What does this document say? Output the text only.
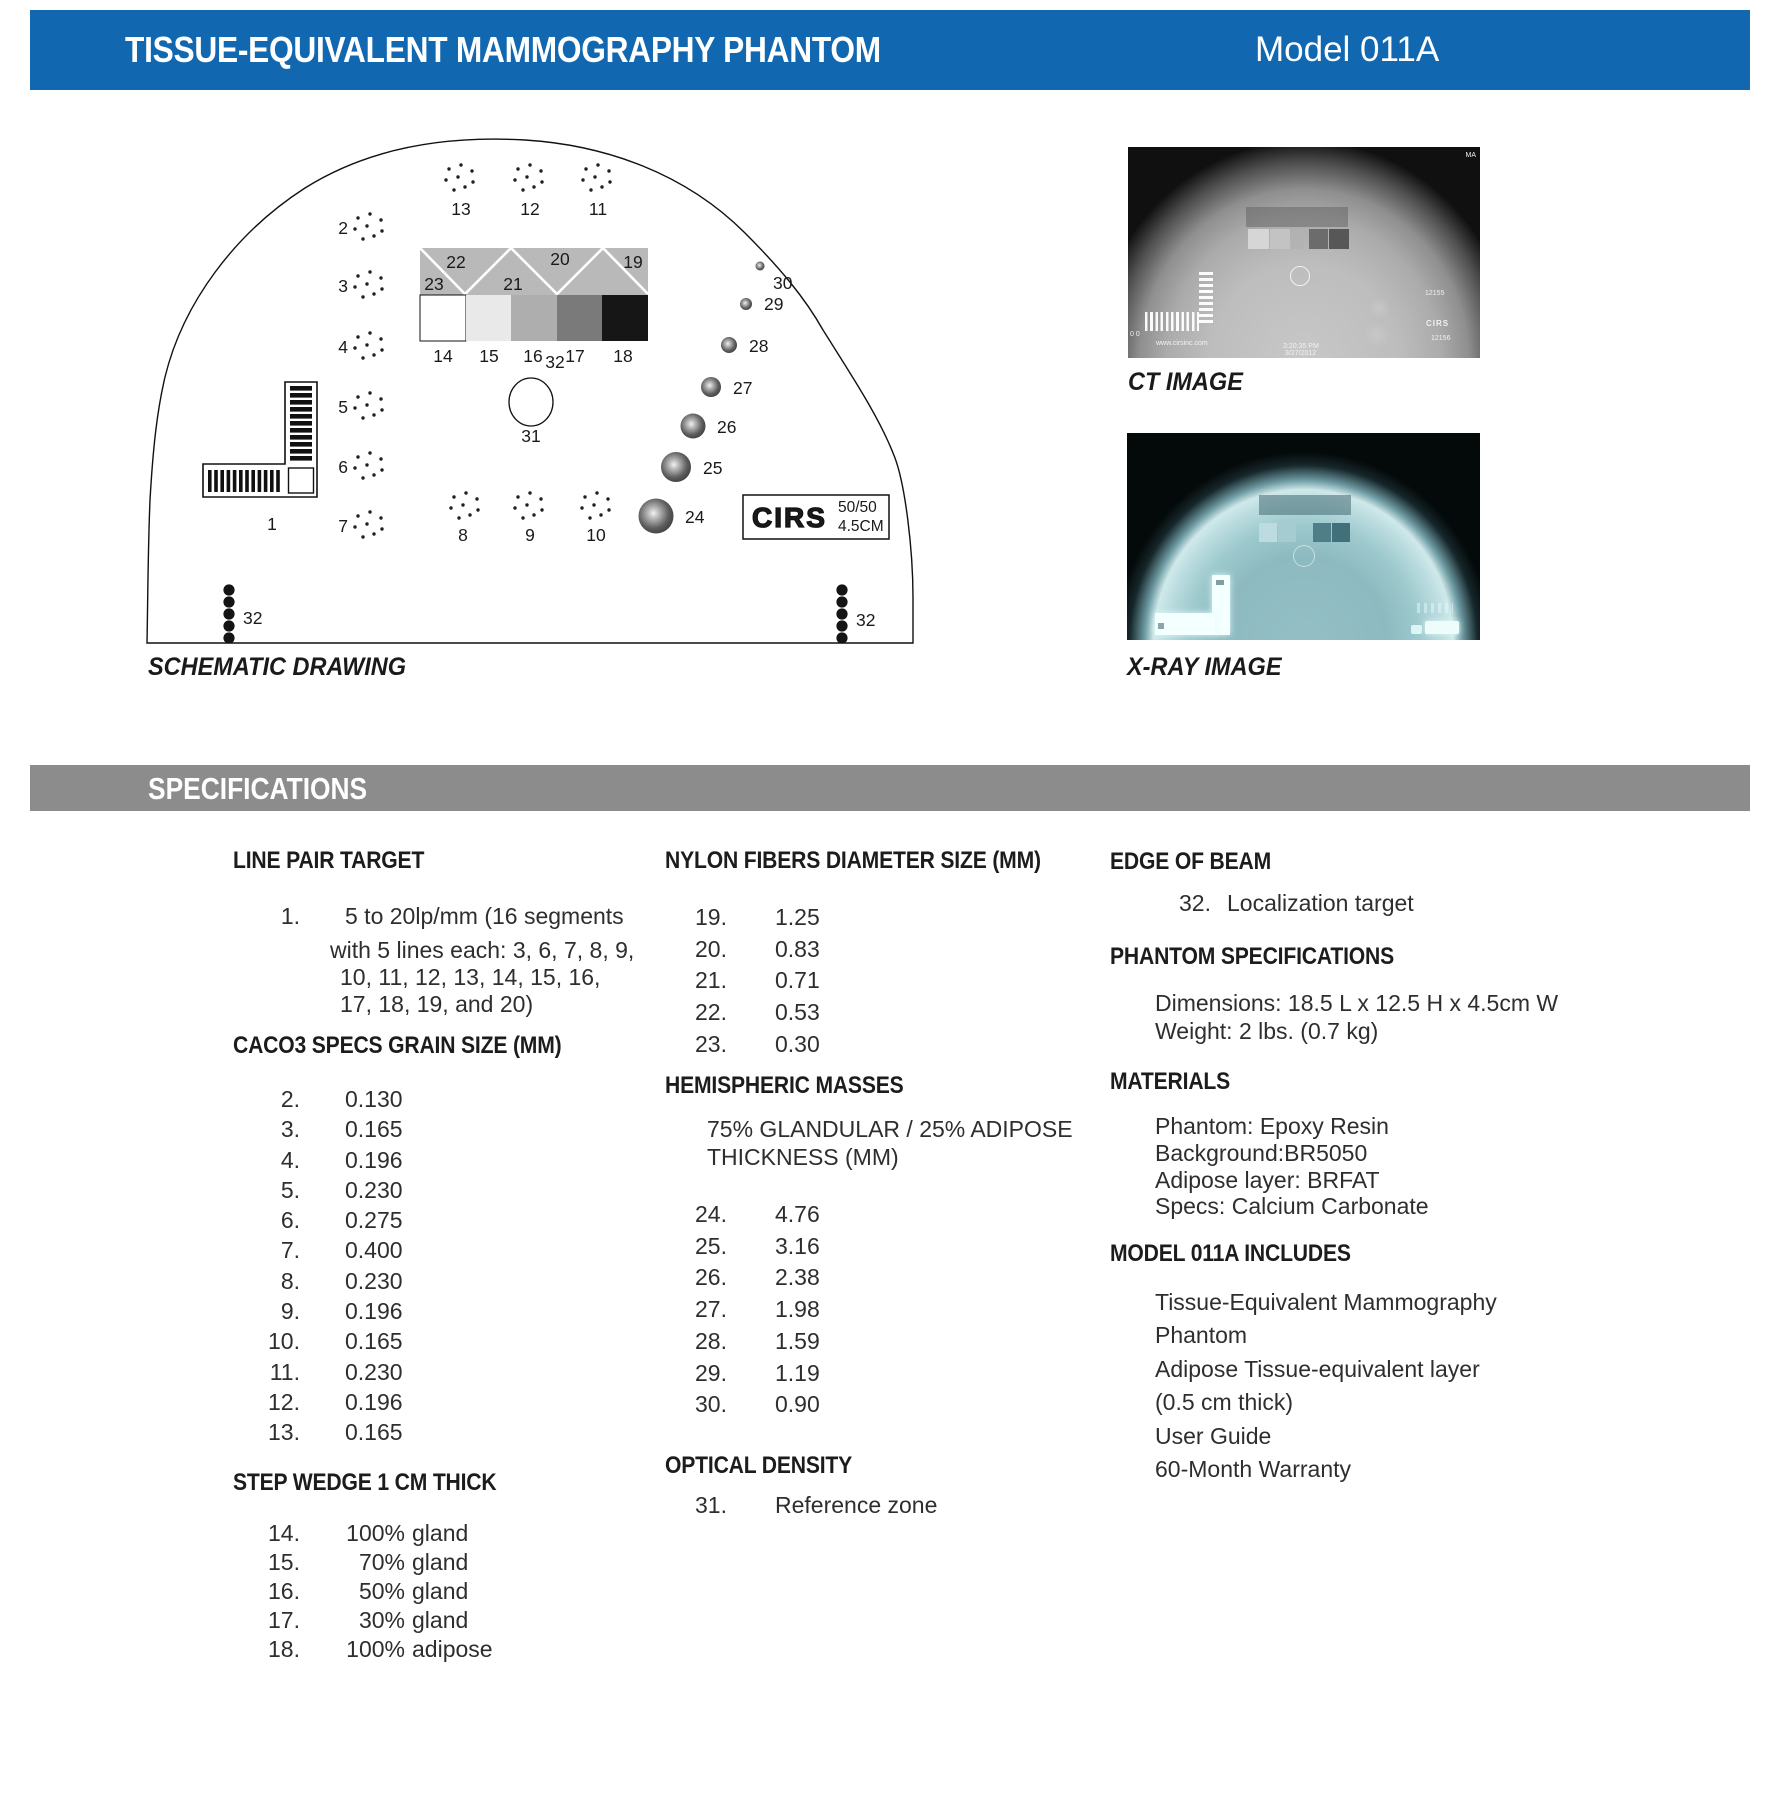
TISSUE-EQUIVALENT MAMMOGRAPHY PHANTOM	Model 011A
13	12	11
2
3
4
5
6
7	8	9	10
22	20	19
23	21
14 15 16 17 18
32
31
1	24
25
26
27
28
29
30
CIRS 50/50
4.5CM
32	32
SCHEMATIC DRAWING
MA
12155
CIRS
12156
0 0
www.cirsinc.com	3:20:35 PM
3/27/2012
CT IMAGE
X-RAY IMAGE
SPECIFICATIONS
LINE PAIR TARGET
1.	5 to 20lp/mm (16 segments
with 5 lines each: 3, 6, 7, 8, 9,
10, 11, 12, 13, 14, 15, 16,
17, 18, 19, and 20)
CACO3 SPECS GRAIN SIZE (MM)
2. 0.130
3. 0.165
4. 0.196
5. 0.230
6. 0.275
7. 0.400
8. 0.230
9. 0.196
10. 0.165
11. 0.230
12. 0.196
13. 0.165
STEP WEDGE 1 CM THICK
14. 100% gland
15.	70% gland
16.	50% gland
17.	30% gland
18. 100% adipose
NYLON FIBERS DIAMETER SIZE (MM)
19. 1.25
20. 0.83
21. 0.71
22. 0.53
23. 0.30
HEMISPHERIC MASSES
75% GLANDULAR / 25% ADIPOSE
THICKNESS (MM)
24. 4.76
25. 3.16
26. 2.38
27. 1.98
28. 1.59
29. 1.19
30. 0.90
OPTICAL DENSITY
31. Reference zone
EDGE OF BEAM
32. Localization target
PHANTOM SPECIFICATIONS
Dimensions: 18.5 L x 12.5 H x 4.5cm W
Weight: 2 lbs. (0.7 kg)
MATERIALS
Phantom: Epoxy Resin
Background:BR5050
Adipose layer: BRFAT
Specs: Calcium Carbonate
MODEL 011A INCLUDES
Tissue-Equivalent Mammography
Phantom
Adipose Tissue-equivalent layer
(0.5 cm thick)
User Guide
60-Month Warranty
